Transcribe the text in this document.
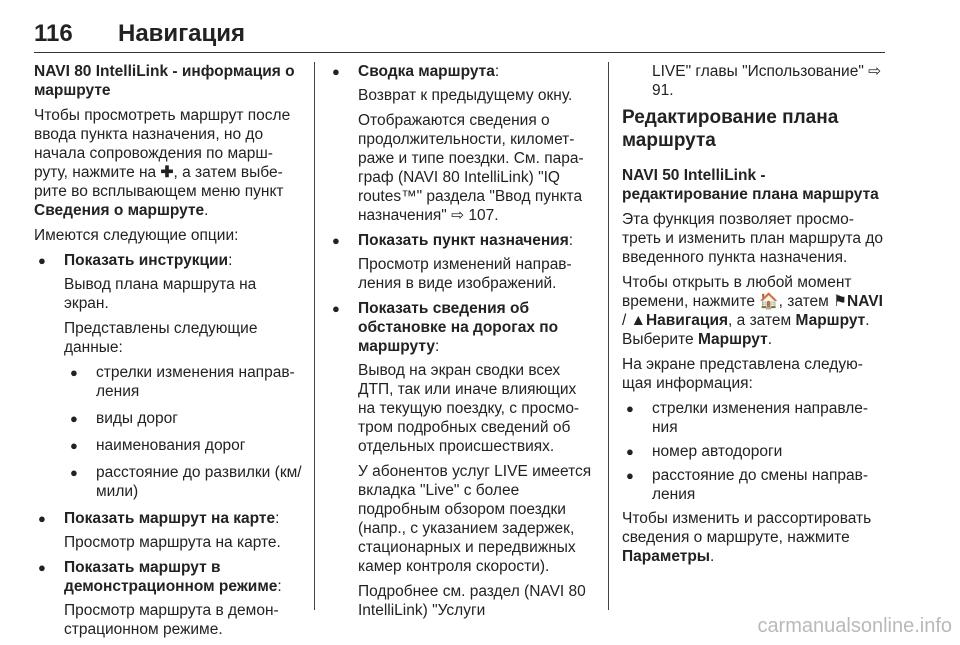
116 Навигация

NAVI 80 IntelliLink - информация о маршруте

Чтобы просмотреть маршрут после ввода пункта назначения, но до начала сопровождения по марш-руту, нажмите на ✚, а затем выбе-рите во всплывающем меню пункт Сведения о маршруте.

Имеются следующие опции:

● Показать инструкции:

Вывод плана маршрута на экран.

Представлены следующие данные:

● стрелки изменения направ-ления
● виды дорог
● наименования дорог
● расстояние до развилки (км/мили)
● Показать маршрут на карте:

Просмотр маршрута на карте.

● Показать маршрут в демонстрационном режиме:

Просмотр маршрута в демон-страционном режиме.

● Сводка маршрута:

Возврат к предыдущему окну.

Отображаются сведения о продолжительности, километ-раже и типе поездки. См. пара-граф (NAVI 80 IntelliLink) "IQ routes™" раздела "Ввод пункта назначения" ⇨ 107.

● Показать пункт назначения:

Просмотр изменений направ-ления в виде изображений.

● Показать сведения об обстановке на дорогах по маршруту:

Вывод на экран сводки всех ДТП, так или иначе влияющих на текущую поездку, с просмо-тром подробных сведений об отдельных происшествиях.

У абонентов услуг LIVE имеется вкладка "Live" с более подробным обзором поездки (напр., с указанием задержек, стационарных и передвижных камер контроля скорости).

Подробнее см. раздел (NAVI 80 IntelliLink) "Услуги

LIVE" главы "Использование" ⇨ 91.

Редактирование плана маршрута

NAVI 50 IntelliLink - редактирование плана маршрута

Эта функция позволяет просмо-треть и изменить план маршрута до введенного пункта назначения.

Чтобы открыть в любой момент времени, нажмите 🏠, затем ⚑NAVI / ▲Навигация, а затем Маршрут. Выберите Маршрут.

На экране представлена следую-щая информация:

● стрелки изменения направле-ния
● номер автодороги
● расстояние до смены направ-ления

Чтобы изменить и рассортировать сведения о маршруте, нажмите Параметры.

carmanualsonline.info
